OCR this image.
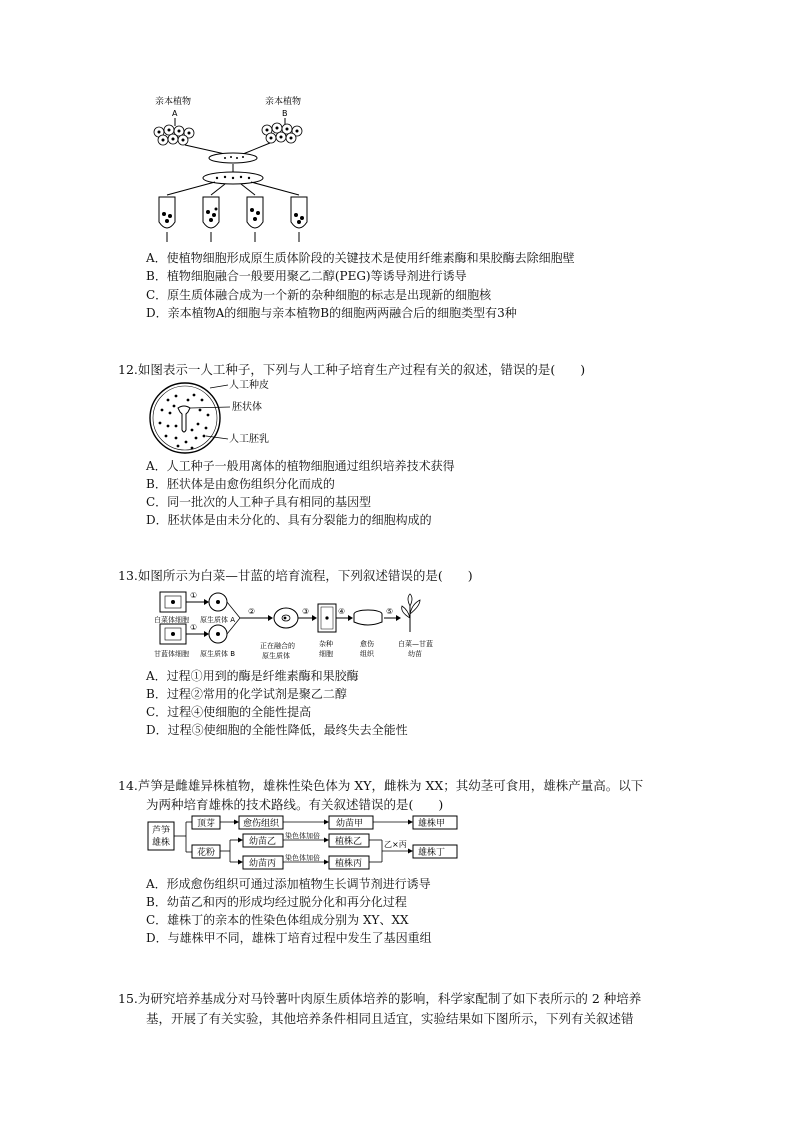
亲本植物
A
亲本植物
B
A．使植物细胞形成原生质体阶段的关键技术是使用纤维素酶和果胶酶去除细胞壁
B．植物细胞融合一般要用聚乙二醇(PEG)等诱导剂进行诱导
C．原生质体融合成为一个新的杂种细胞的标志是出现新的细胞核
D．亲本植物A的细胞与亲本植物B的细胞两两融合后的细胞类型有3种
12.如图表示一人工种子，下列与人工种子培育生产过程有关的叙述，错误的是(　　)
人工种皮
胚状体
人工胚乳
A．人工种子一般用离体的植物细胞通过组织培养技术获得
B．胚状体是由愈伤组织分化而成的
C．同一批次的人工种子具有相同的基因型
D．胚状体是由未分化的、具有分裂能力的细胞构成的
13.如图所示为白菜—甘蓝的培育流程，下列叙述错误的是(　　)
①
白菜体细胞 原生质体 A
①
甘蓝体细胞 原生质体 B
②
正在融合的
原生质体
③
杂种
细胞
④
愈伤
组织
⑤
白菜—甘蓝
幼苗
A．过程①用到的酶是纤维素酶和果胶酶
B．过程②常用的化学试剂是聚乙二醇
C．过程④使细胞的全能性提高
D．过程⑤使细胞的全能性降低，最终失去全能性
14.芦笋是雌雄异株植物，雄株性染色体为 XY，雌株为 XX；其幼茎可食用，雄株产量高。以下
为两种培育雄株的技术路线。有关叙述错误的是(　　)
芦笋
雄株
顶芽	愈伤组织	幼苗甲	雄株甲
花粉
幼苗乙
幼苗丙
染色体加倍
染色体加倍
植株乙
植株丙
乙×丙
雄株丁
A．形成愈伤组织可通过添加植物生长调节剂进行诱导
B．幼苗乙和丙的形成均经过脱分化和再分化过程
C．雄株丁的亲本的性染色体组成分别为 XY、XX
D．与雄株甲不同，雄株丁培育过程中发生了基因重组
15.为研究培养基成分对马铃薯叶肉原生质体培养的影响，科学家配制了如下表所示的 2 种培养
基，开展了有关实验，其他培养条件相同且适宜，实验结果如下图所示，下列有关叙述错
